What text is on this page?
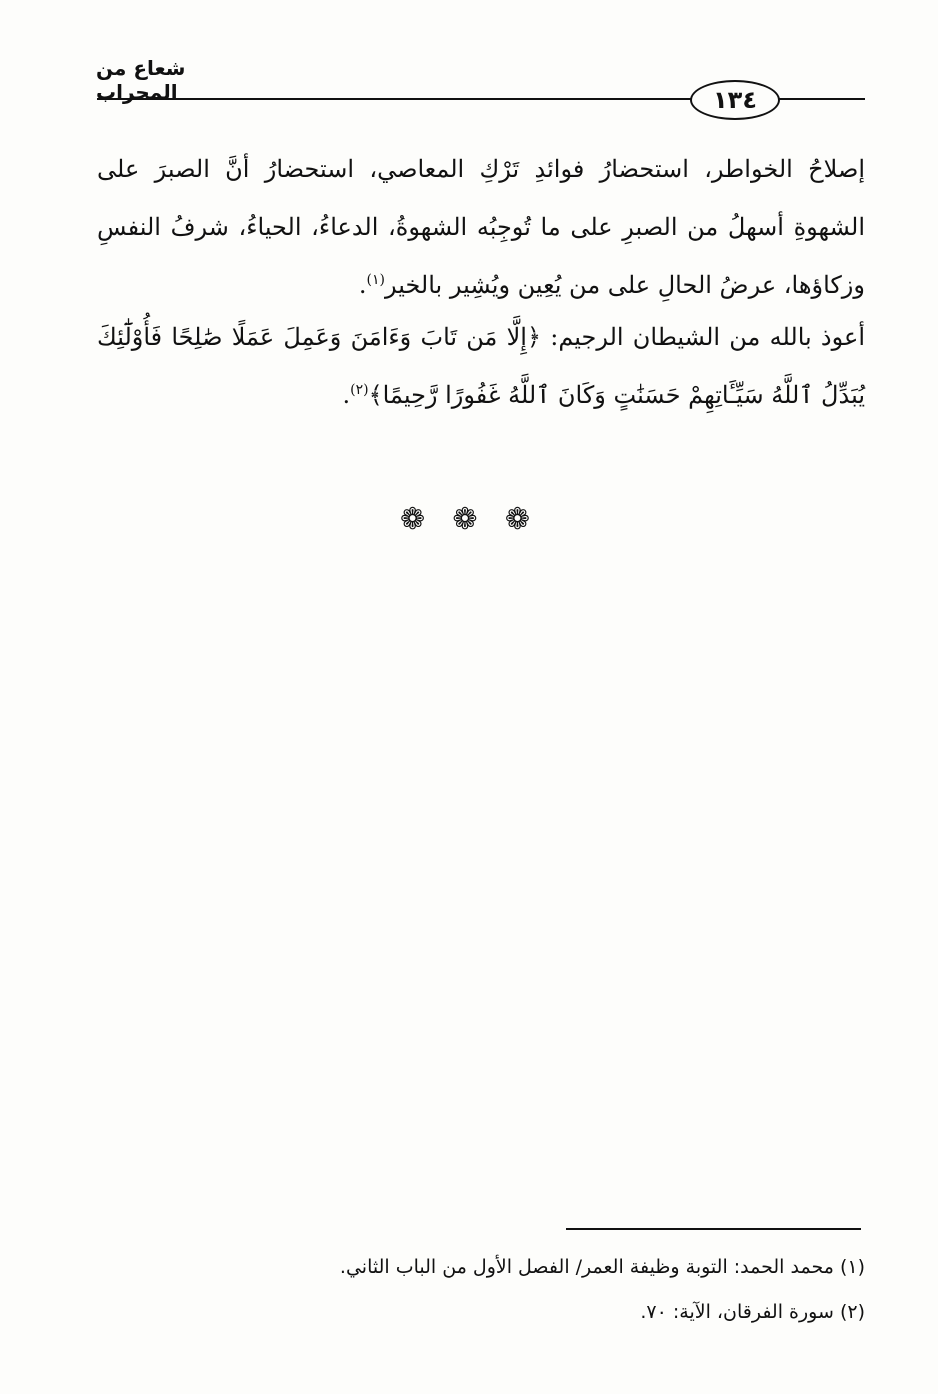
شعاع من المحراب	١٣٤
إصلاحُ الخواطر، استحضارُ فوائدِ تَرْكِ المعاصي، استحضارُ أنَّ الصبرَ على الشهوةِ أسهلُ من الصبرِ على ما تُوجِبُه الشهوةُ، الدعاءُ، الحياءُ، شرفُ النفسِ وزكاؤها، عرضُ الحالِ على من يُعِين ويُشِير بالخير$^{(١)}$.
أعوذ بالله من الشيطان الرجيم: ﴿إِلَّا مَن تَابَ وَءَامَنَ وَعَمِلَ عَمَلًا صَٰلِحًا فَأُوْلَٰٓئِكَ يُبَدِّلُ ٱللَّهُ سَيِّـَٔاتِهِمْ حَسَنَٰتٍ وَكَانَ ٱللَّهُ غَفُورًا رَّحِيمًا﴾$^{(٢)}$.
❁ ❁ ❁
(١) محمد الحمد: التوبة وظيفة العمر/ الفصل الأول من الباب الثاني.
(٢) سورة الفرقان، الآية: ٧٠.
